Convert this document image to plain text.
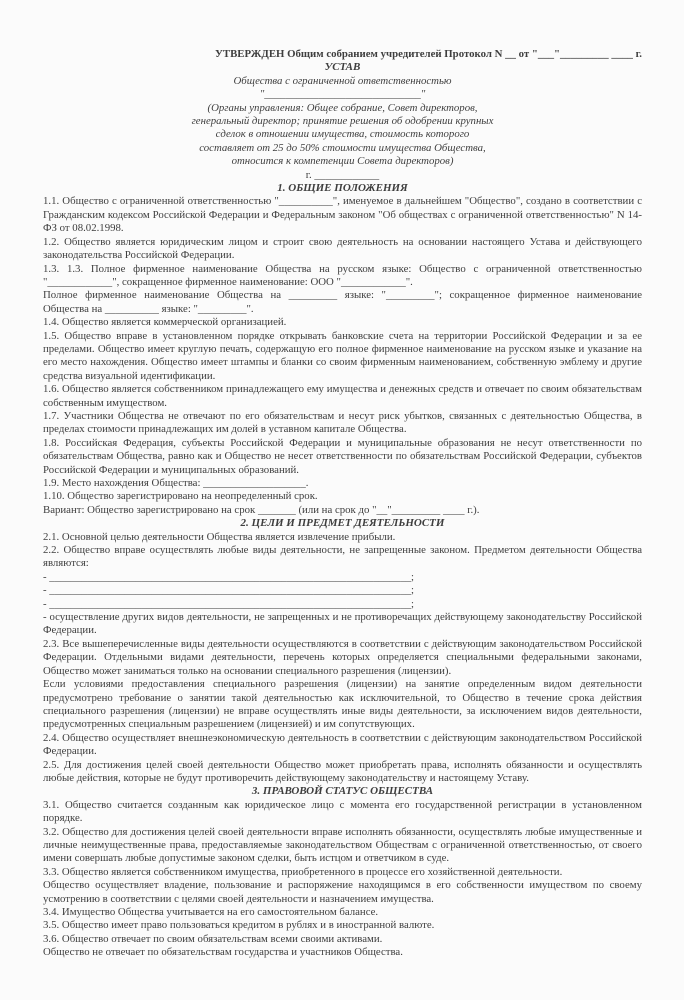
УТВЕРЖДЕН Общим собранием учредителей Протокол N __ от "___"_________ ____ г.
УСТАВ
Общества с ограниченной ответственностью
"_____________________________"
(Органы управления: Общее собрание, Совет директоров,
генеральный директор; принятие решения об одобрении крупных
сделок в отношении имущества, стоимость которого
составляет от 25 до 50% стоимости имущества Общества,
относится к компетенции Совета директоров)
г. ____________
1. ОБЩИЕ ПОЛОЖЕНИЯ

1.1. Общество с ограниченной ответственностью "__________", именуемое в дальнейшем "Общество", создано в соответствии с Гражданским кодексом Российской Федерации и Федеральным законом "Об обществах с ограниченной ответственностью" N 14-ФЗ от 08.02.1998.

1.2. Общество является юридическим лицом и строит свою деятельность на основании настоящего Устава и действующего законодательства Российской Федерации.

1.3. 1.3. Полное фирменное наименование Общества на русском языке: Общество с ограниченной ответственностью "____________", сокращенное фирменное наименование: ООО "____________".

Полное фирменное наименование Общества на _________ языке: "_________"; сокращенное фирменное наименование Общества на __________ языке: "_________".

1.4. Общество является коммерческой организацией.

1.5. Общество вправе в установленном порядке открывать банковские счета на территории Российской Федерации и за ее пределами. Общество имеет круглую печать, содержащую его полное фирменное наименование на русском языке и указание на его место нахождения. Общество имеет штампы и бланки со своим фирменным наименованием, собственную эмблему и другие средства визуальной идентификации.

1.6. Общество является собственником принадлежащего ему имущества и денежных средств и отвечает по своим обязательствам собственным имуществом.

1.7. Участники Общества не отвечают по его обязательствам и несут риск убытков, связанных с деятельностью Общества, в пределах стоимости принадлежащих им долей в уставном капитале Общества.

1.8. Российская Федерация, субъекты Российской Федерации и муниципальные образования не несут ответственности по обязательствам Общества, равно как и Общество не несет ответственности по обязательствам Российской Федерации, субъектов Российской Федерации и муниципальных образований.

1.9. Место нахождения Общества: ___________________.

1.10. Общество зарегистрировано на неопределенный срок.

Вариант: Общество зарегистрировано на срок _______ (или на срок до "__"_________ ____ г.).

2. ЦЕЛИ И ПРЕДМЕТ ДЕЯТЕЛЬНОСТИ

2.1. Основной целью деятельности Общества является извлечение прибыли.

2.2. Общество вправе осуществлять любые виды деятельности, не запрещенные законом. Предметом деятельности Общества являются:

- ___________________________________________________________________;

- ___________________________________________________________________;

- ___________________________________________________________________;

- осуществление других видов деятельности, не запрещенных и не противоречащих действующему законодательству Российской Федерации.

2.3. Все вышеперечисленные виды деятельности осуществляются в соответствии с действующим законодательством Российской Федерации. Отдельными видами деятельности, перечень которых определяется специальными федеральными законами, Общество может заниматься только на основании специального разрешения (лицензии).

Если условиями предоставления специального разрешения (лицензии) на занятие определенным видом деятельности предусмотрено требование о занятии такой деятельностью как исключительной, то Общество в течение срока действия специального разрешения (лицензии) не вправе осуществлять иные виды деятельности, за исключением видов деятельности, предусмотренных специальным разрешением (лицензией) и им сопутствующих.

2.4. Общество осуществляет внешнеэкономическую деятельность в соответствии с действующим законодательством Российской Федерации.

2.5. Для достижения целей своей деятельности Общество может приобретать права, исполнять обязанности и осуществлять любые действия, которые не будут противоречить действующему законодательству и настоящему Уставу.

3. ПРАВОВОЙ СТАТУС ОБЩЕСТВА

3.1. Общество считается созданным как юридическое лицо с момента его государственной регистрации в установленном порядке.

3.2. Общество для достижения целей своей деятельности вправе исполнять обязанности, осуществлять любые имущественные и личные неимущественные права, предоставляемые законодательством Обществам с ограниченной ответственностью, от своего имени совершать любые допустимые законом сделки, быть истцом и ответчиком в суде.

3.3. Общество является собственником имущества, приобретенного в процессе его хозяйственной деятельности.

Общество осуществляет владение, пользование и распоряжение находящимся в его собственности имуществом по своему усмотрению в соответствии с целями своей деятельности и назначением имущества.

3.4. Имущество Общества учитывается на его самостоятельном балансе.

3.5. Общество имеет право пользоваться кредитом в рублях и в иностранной валюте.

3.6. Общество отвечает по своим обязательствам всеми своими активами.

Общество не отвечает по обязательствам государства и участников Общества.
